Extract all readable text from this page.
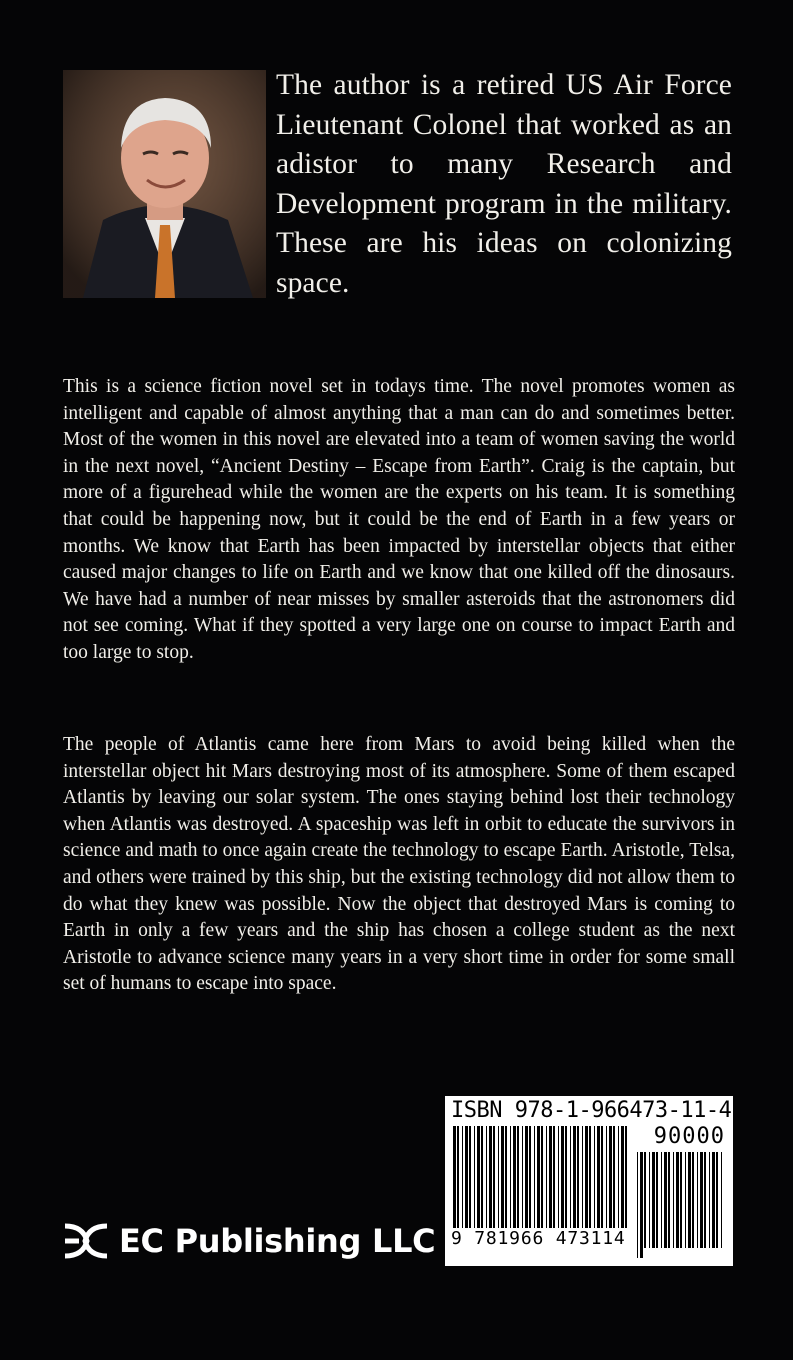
The author is a retired US Air Force Lieutenant Colonel that worked as an adistor to many Research and Development program in the military. These are his ideas on colonizing space.

This is a science fiction novel set in todays time. The novel promotes women as intelligent and capable of almost anything that a man can do and sometimes better. Most of the women in this novel are elevated into a team of women saving the world in the next novel, “Ancient Destiny – Escape from Earth”. Craig is the captain, but more of a figurehead while the women are the experts on his team. It is something that could be happening now, but it could be the end of Earth in a few years or months. We know that Earth has been impacted by interstellar objects that either caused major changes to life on Earth and we know that one killed off the dinosaurs. We have had a number of near misses by smaller asteroids that the astronomers did not see coming. What if they spotted a very large one on course to impact Earth and too large to stop.

The people of Atlantis came here from Mars to avoid being killed when the interstellar object hit Mars destroying most of its atmosphere. Some of them escaped Atlantis by leaving our solar system. The ones staying behind lost their technology when Atlantis was destroyed. A spaceship was left in orbit to educate the survivors in science and math to once again create the technology to escape Earth. Aristotle, Telsa, and others were trained by this ship, but the existing technology did not allow them to do what they knew was possible. Now the object that destroyed Mars is coming to Earth in only a few years and the ship has chosen a college student as the next Aristotle to advance science many years in a very short time in order for some small set of humans to escape into space.

EC Publishing LLC
ISBN 978-1-966473-11-4
90000
9 781966 473114
